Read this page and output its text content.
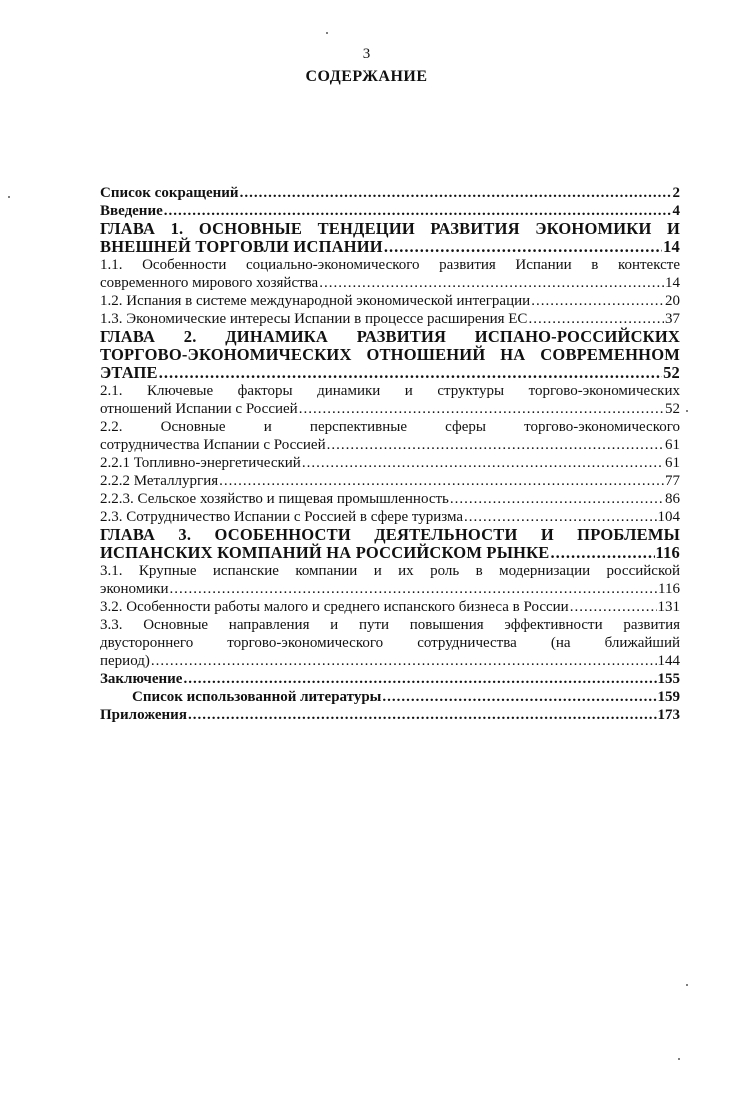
3
СОДЕРЖАНИЕ
Список сокращений .....	2
Введение .....	4
ГЛАВА 1. ОСНОВНЫЕ ТЕНДЕЦИИ РАЗВИТИЯ ЭКОНОМИКИ И
ВНЕШНЕЙ ТОРГОВЛИ ИСПАНИИ .....	14
1.1. Особенности социально-экономического развития Испании в контексте
современного мирового хозяйства .....	14
1.2. Испания в системе международной экономической интеграции .....	20
1.3. Экономические интересы Испании в процессе расширения ЕС .....	37
ГЛАВА 2. ДИНАМИКА РАЗВИТИЯ ИСПАНО-РОССИЙСКИХ
ТОРГОВО-ЭКОНОМИЧЕСКИХ ОТНОШЕНИЙ НА СОВРЕМЕННОМ
ЭТАПЕ .....	52
2.1. Ключевые факторы динамики и структуры торгово-экономических
отношений Испании с Россией .....	52
2.2. Основные и перспективные сферы торгово-экономического
сотрудничества Испании с Россией .....	61
2.2.1 Топливно-энергетический .....	61
2.2.2 Металлургия .....	77
2.2.3. Сельское хозяйство и пищевая промышленность .....	86
2.3. Сотрудничество Испании с Россией в сфере туризма .....	104
ГЛАВА 3. ОСОБЕННОСТИ ДЕЯТЕЛЬНОСТИ И ПРОБЛЕМЫ
ИСПАНСКИХ КОМПАНИЙ НА РОССИЙСКОМ РЫНКЕ .....	116
3.1. Крупные испанские компании и их роль в модернизации российской
экономики .....	116
3.2. Особенности работы малого и среднего испанского бизнеса в России .....	131
3.3. Основные направления и пути повышения эффективности развития
двустороннего торгово-экономического сотрудничества (на ближайший
период) .....	144
Заключение .....	155
Список использованной литературы .....	159
Приложения .....	173
